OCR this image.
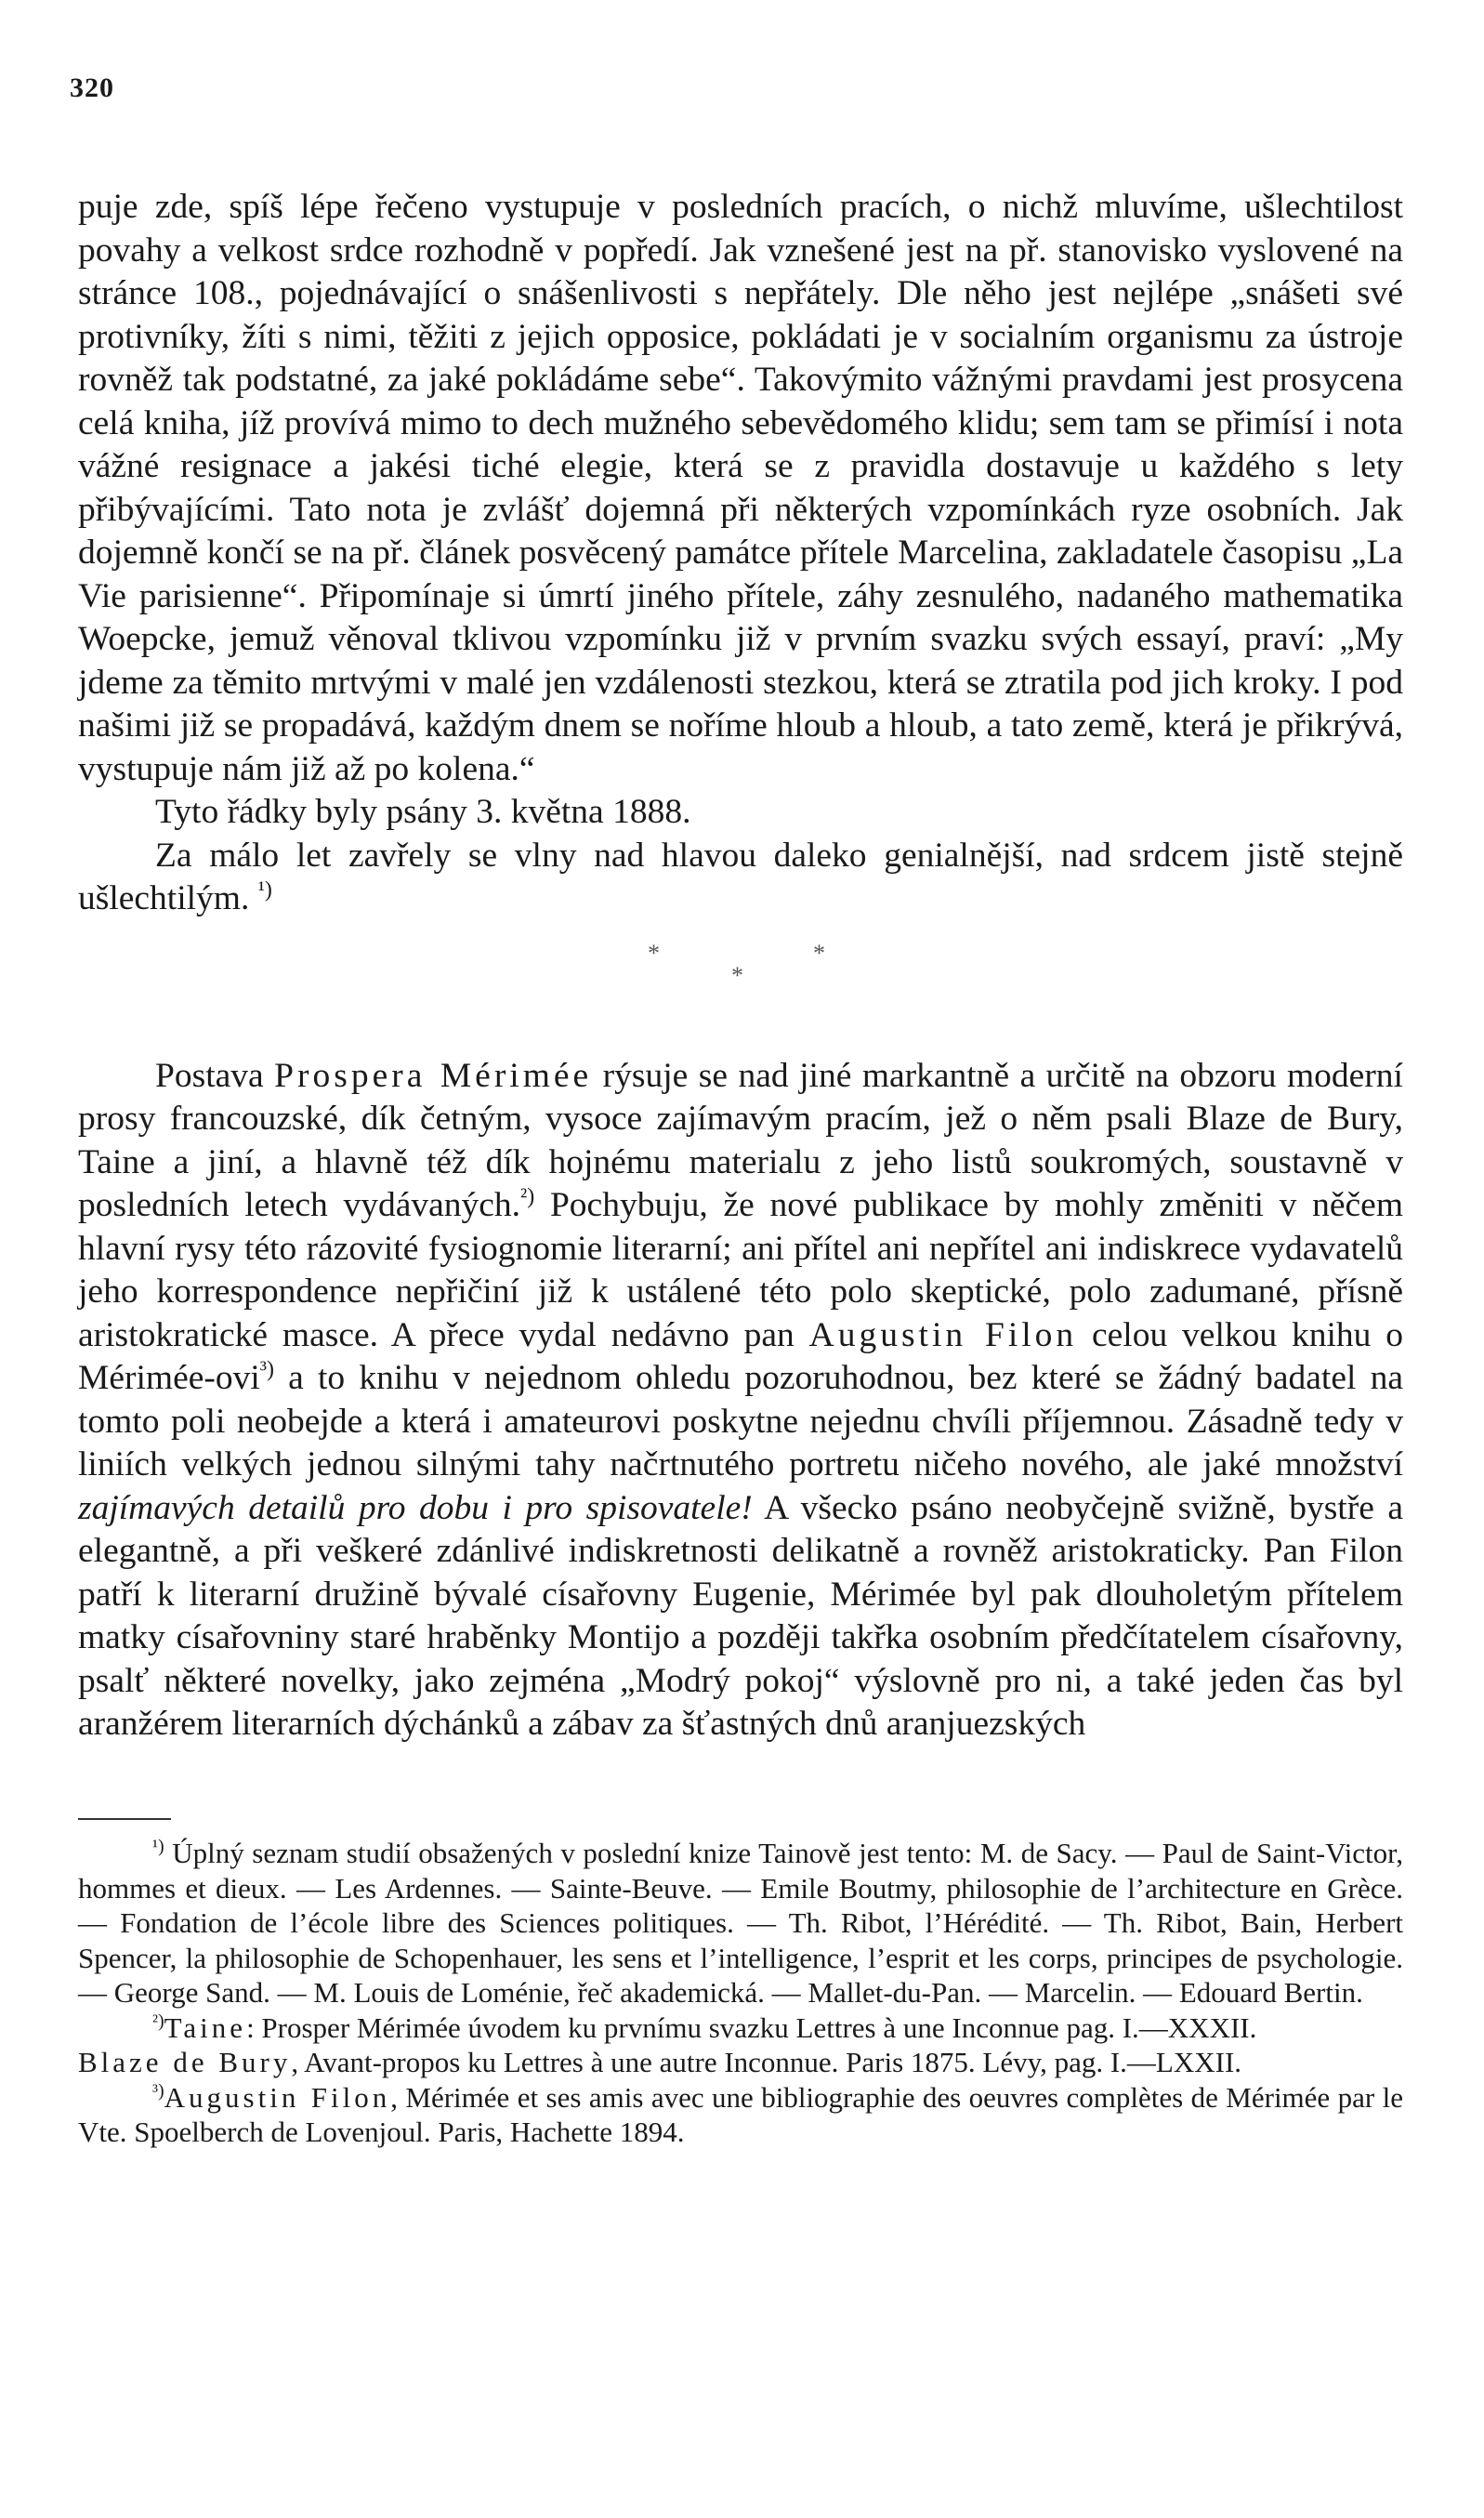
320

puje zde, spíš lépe řečeno vystupuje v posledních pracích, o nichž mluvíme, ušlechtilost povahy a velkost srdce rozhodně v popředí. Jak vznešené jest na př. stanovisko vyslovené na stránce 108., pojednávající o snášenlivosti s nepřátely. Dle něho jest nejlépe „snášeti své protivníky, žíti s nimi, těžiti z jejich opposice, pokládati je v socialním organismu za ústroje rovněž tak podstatné, za jaké pokládáme sebe“. Takovýmito vážnými pravdami jest prosycena celá kniha, jíž provívá mimo to dech mužného sebevědomého klidu; sem tam se přimísí i nota vážné resignace a jakési tiché elegie, která se z pravidla dostavuje u každého s lety přibývajícími. Tato nota je zvlášť dojemná při některých vzpomínkách ryze osobních. Jak dojemně končí se na př. článek posvěcený památce přítele Marcelina, zakladatele časopisu „La Vie parisienne“. Připomínaje si úmrtí jiného přítele, záhy zesnulého, nadaného mathematika Woepcke, jemuž věnoval tklivou vzpomínku již v prvním svazku svých essayí, praví: „My jdeme za těmito mrtvými v malé jen vzdálenosti stezkou, která se ztratila pod jich kroky. I pod našimi již se propadává, každým dnem se noříme hloub a hloub, a tato země, která je přikrývá, vystupuje nám již až po kolena.“

Tyto řádky byly psány 3. května 1888.

Za málo let zavřely se vlny nad hlavou daleko genialnější, nad srdcem jistě stejně ušlechtilým. $^{^1)}$

*	*
*

Postava Prospera Mérimée rýsuje se nad jiné markantně a určitě na obzoru moderní prosy francouzské, dík četným, vysoce zajímavým pracím, jež o něm psali Blaze de Bury, Taine a jiní, a hlavně též dík hojnému materialu z jeho listů soukromých, soustavně v posledních letech vydávaných.$^{^2)}$ Pochybuju, že nové publikace by mohly změniti v něčem hlavní rysy této rázovité fysiognomie literarní; ani přítel ani nepřítel ani indiskrece vydavatelů jeho korrespondence nepřičiní již k ustálené této polo skeptické, polo zadumané, přísně aristokratické masce. A přece vydal nedávno pan Augustin Filon celou velkou knihu o Mérimée-ovi$^{^3)}$ a to knihu v nejednom ohledu pozoruhodnou, bez které se žádný badatel na tomto poli neobejde a která i amateurovi poskytne nejednu chvíli příjemnou. Zásadně tedy v liniích velkých jednou silnými tahy načrtnutého portretu ničeho nového, ale jaké množství zajímavých detailů pro dobu i pro spisovatele! A všecko psáno neobyčejně svižně, bystře a elegantně, a při veškeré zdánlivé indiskretnosti delikatně a rovněž aristokraticky. Pan Filon patří k literarní družině bývalé císařovny Eugenie, Mérimée byl pak dlouholetým přítelem matky císařovniny staré hraběnky Montijo a později takřka osobním předčítatelem císařovny, psalť některé novelky, jako zejména „Modrý pokoj“ výslovně pro ni, a také jeden čas byl aranžérem literarních dýchánků a zábav za šťastných dnů aranjuezských

$^{^1)}$ Úplný seznam studií obsažených v poslední knize Tainově jest tento: M. de Sacy. — Paul de Saint-Victor, hommes et dieux. — Les Ardennes. — Sainte-Beuve. — Emile Boutmy, philosophie de l’architecture en Grèce. — Fondation de l’école libre des Sciences politiques. — Th. Ribot, l’Hérédité. — Th. Ribot, Bain, Herbert Spencer, la philosophie de Schopenhauer, les sens et l’intelligence, l’esprit et les corps, principes de psychologie. — George Sand. — M. Louis de Loménie, řeč akademická. — Mallet-du-Pan. — Marcelin. — Edouard Bertin.

$^{^2)}$Taine: Prosper Mérimée úvodem ku prvnímu svazku Lettres à une Inconnue pag. I.—XXXII.

Blaze de Bury, Avant-propos ku Lettres à une autre Inconnue. Paris 1875. Lévy, pag. I.—LXXII.

$^{^3)}$Augustin Filon, Mérimée et ses amis avec une bibliographie des oeuvres complètes de Mérimée par le Vte. Spoelberch de Lovenjoul. Paris, Hachette 1894.
